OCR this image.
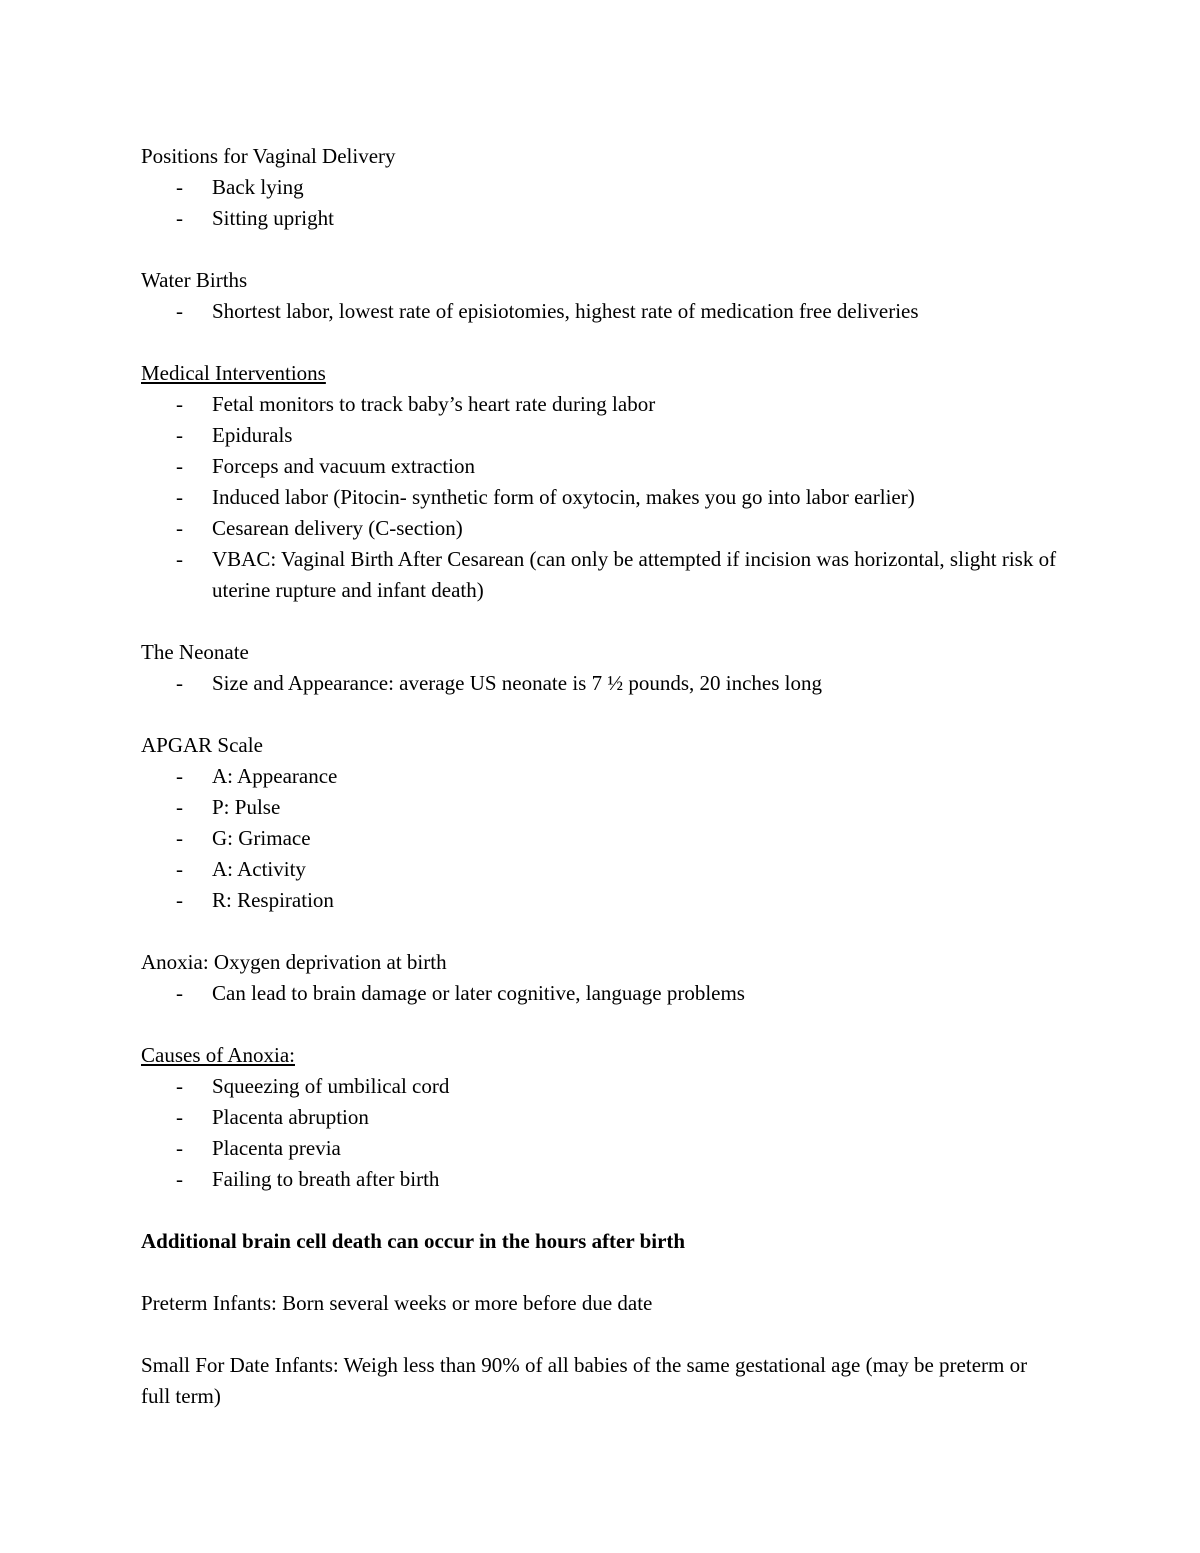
Positions for Vaginal Delivery

- Back lying
- Sitting upright

Water Births

- Shortest labor, lowest rate of episiotomies, highest rate of medication free deliveries

Medical Interventions

- Fetal monitors to track baby’s heart rate during labor
- Epidurals
- Forceps and vacuum extraction
- Induced labor (Pitocin- synthetic form of oxytocin, makes you go into labor earlier)
- Cesarean delivery (C-section)
- VBAC: Vaginal Birth After Cesarean (can only be attempted if incision was horizontal, slight risk of uterine rupture and infant death)

The Neonate

- Size and Appearance: average US neonate is 7 ½ pounds, 20 inches long

APGAR Scale

- A: Appearance
- P: Pulse
- G: Grimace
- A: Activity
- R: Respiration

Anoxia: Oxygen deprivation at birth

- Can lead to brain damage or later cognitive, language problems

Causes of Anoxia:

- Squeezing of umbilical cord
- Placenta abruption
- Placenta previa
- Failing to breath after birth

Additional brain cell death can occur in the hours after birth

Preterm Infants: Born several weeks or more before due date

Small For Date Infants: Weigh less than 90% of all babies of the same gestational age (may be preterm or full term)
